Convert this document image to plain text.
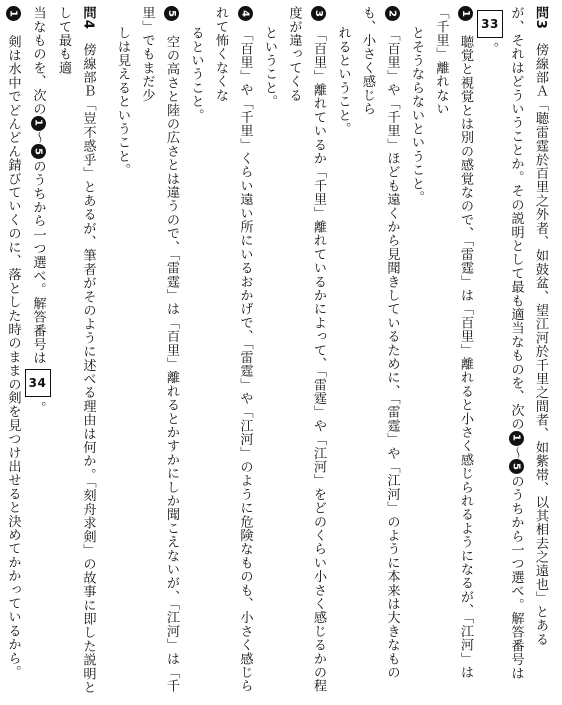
問3　傍線部Ａ「聴雷霆於百里之外者、如鼓盆、望江河於千里之間者、如紫帯、以其相去之遠也」とある
が、それはどういうことか。その説明として最も適当なものを、次の1～5のうちから一つ選べ。解答番号は33。
1　聴覚と視覚とは別の感覚なので、「雷霆」は「百里」離れると小さく感じられるようになるが、「江河」は「千里」離れない
とそうならないということ。
2　「百里」や「千里」ほども遠くから見聞きしているために、「雷霆」や「江河」のように本来は大きなものも、小さく感じら
れるということ。
3　「百里」離れているか「千里」離れているかによって、「雷霆」や「江河」をどのくらい小さく感じるかの程度が違ってくる
ということ。
4　「百里」や「千里」くらい遠い所にいるおかげで、「雷霆」や「江河」のように危険なものも、小さく感じられて怖くなくな
るということ。
5　空の高さと陸の広さとは違うので、「雷霆」は「百里」離れるとかすかにしか聞こえないが、「江河」は「千里」でもまだ少
しは見えるということ。
問4　傍線部Ｂ「豈不惑乎」とあるが、筆者がそのように述べる理由は何か。「刻舟求剣」の故事に即した説明として最も適
当なものを、次の1～5のうちから一つ選べ。解答番号は34。
1　剣は水中でどんどん錆びていくのに、落とした時のままの剣を見つけ出せると決めてかかっているから。
